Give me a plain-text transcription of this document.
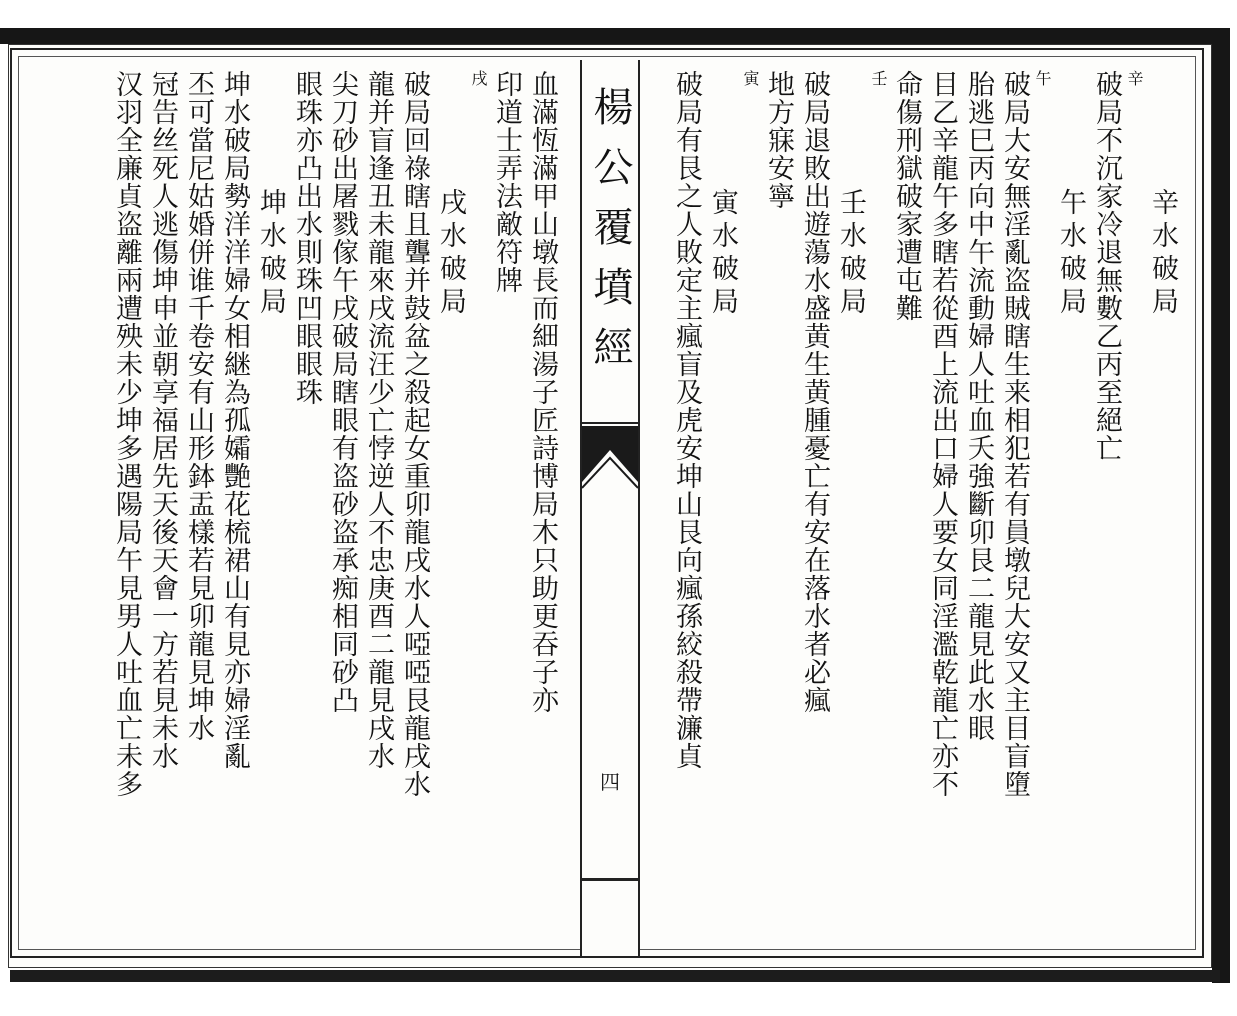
辛水破局
辛
破局不沉家冷退無數乙丙至絕亡
午水破局
午
破局大安無淫亂盗賊瞎生来相犯若有員墩兒大安又主目盲墮
胎逃巳丙向中午流動婦人吐血夭強斷卯艮二龍見此水眼
目乙辛龍午多瞎若從酉上流出口婦人要女同淫濫乾龍亡亦不
命傷刑獄破家遭屯難
壬
壬水破局
破局退敗出遊蕩水盛黄生黄腫憂亡有安在落水者必瘋
地方寐安寧
寅
寅水破局
破局有艮之人敗定主瘋盲及虎安坤山艮向瘋孫絞殺帶濂貞
楊公覆墳經
四
血滿恆滿甲山墩長而細湯子匠詩博局木只助更吞子亦
印道士弄法敵符牌
戌
戌水破局
破局回祿瞎且聾并鼓盆之殺起女重卯龍戌水人啞啞艮龍戌水
龍并盲逢丑未龍來戌流汪少亡悖逆人不忠庚酉二龍見戌水
尖刀砂出屠戮傢午戌破局瞎眼有盗砂盗承痴相同砂凸
眼珠亦凸出水則珠凹眼眼珠
坤水破局
坤水破局勢洋洋婦女相継為孤孀艷花梳裙山有見亦婦淫亂
丕可當尼姑婚併谁千卷安有山形鉢盂樣若見卯龍見坤水
冠告丝死人逃傷坤申並朝享福居先天後天會一方若見未水
汉羽全廉貞盗離兩遭殃未少坤多遇陽局午見男人吐血亡未多
